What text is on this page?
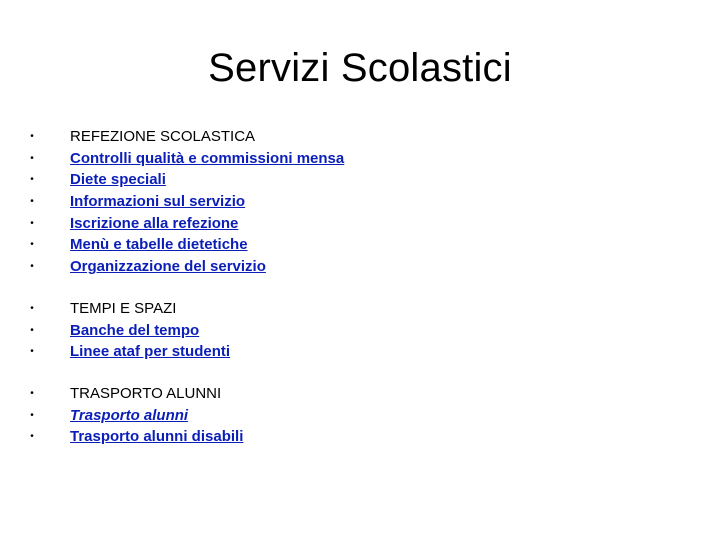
Servizi Scolastici
• REFEZIONE SCOLASTICA
• Controlli qualità e commissioni mensa
• Diete speciali
• Informazioni sul servizio
• Iscrizione alla refezione
• Menù e tabelle dietetiche
• Organizzazione del servizio
• TEMPI E SPAZI
• Banche del tempo
• Linee ataf per studenti
• TRASPORTO ALUNNI
• Trasporto alunni
• Trasporto alunni disabili
